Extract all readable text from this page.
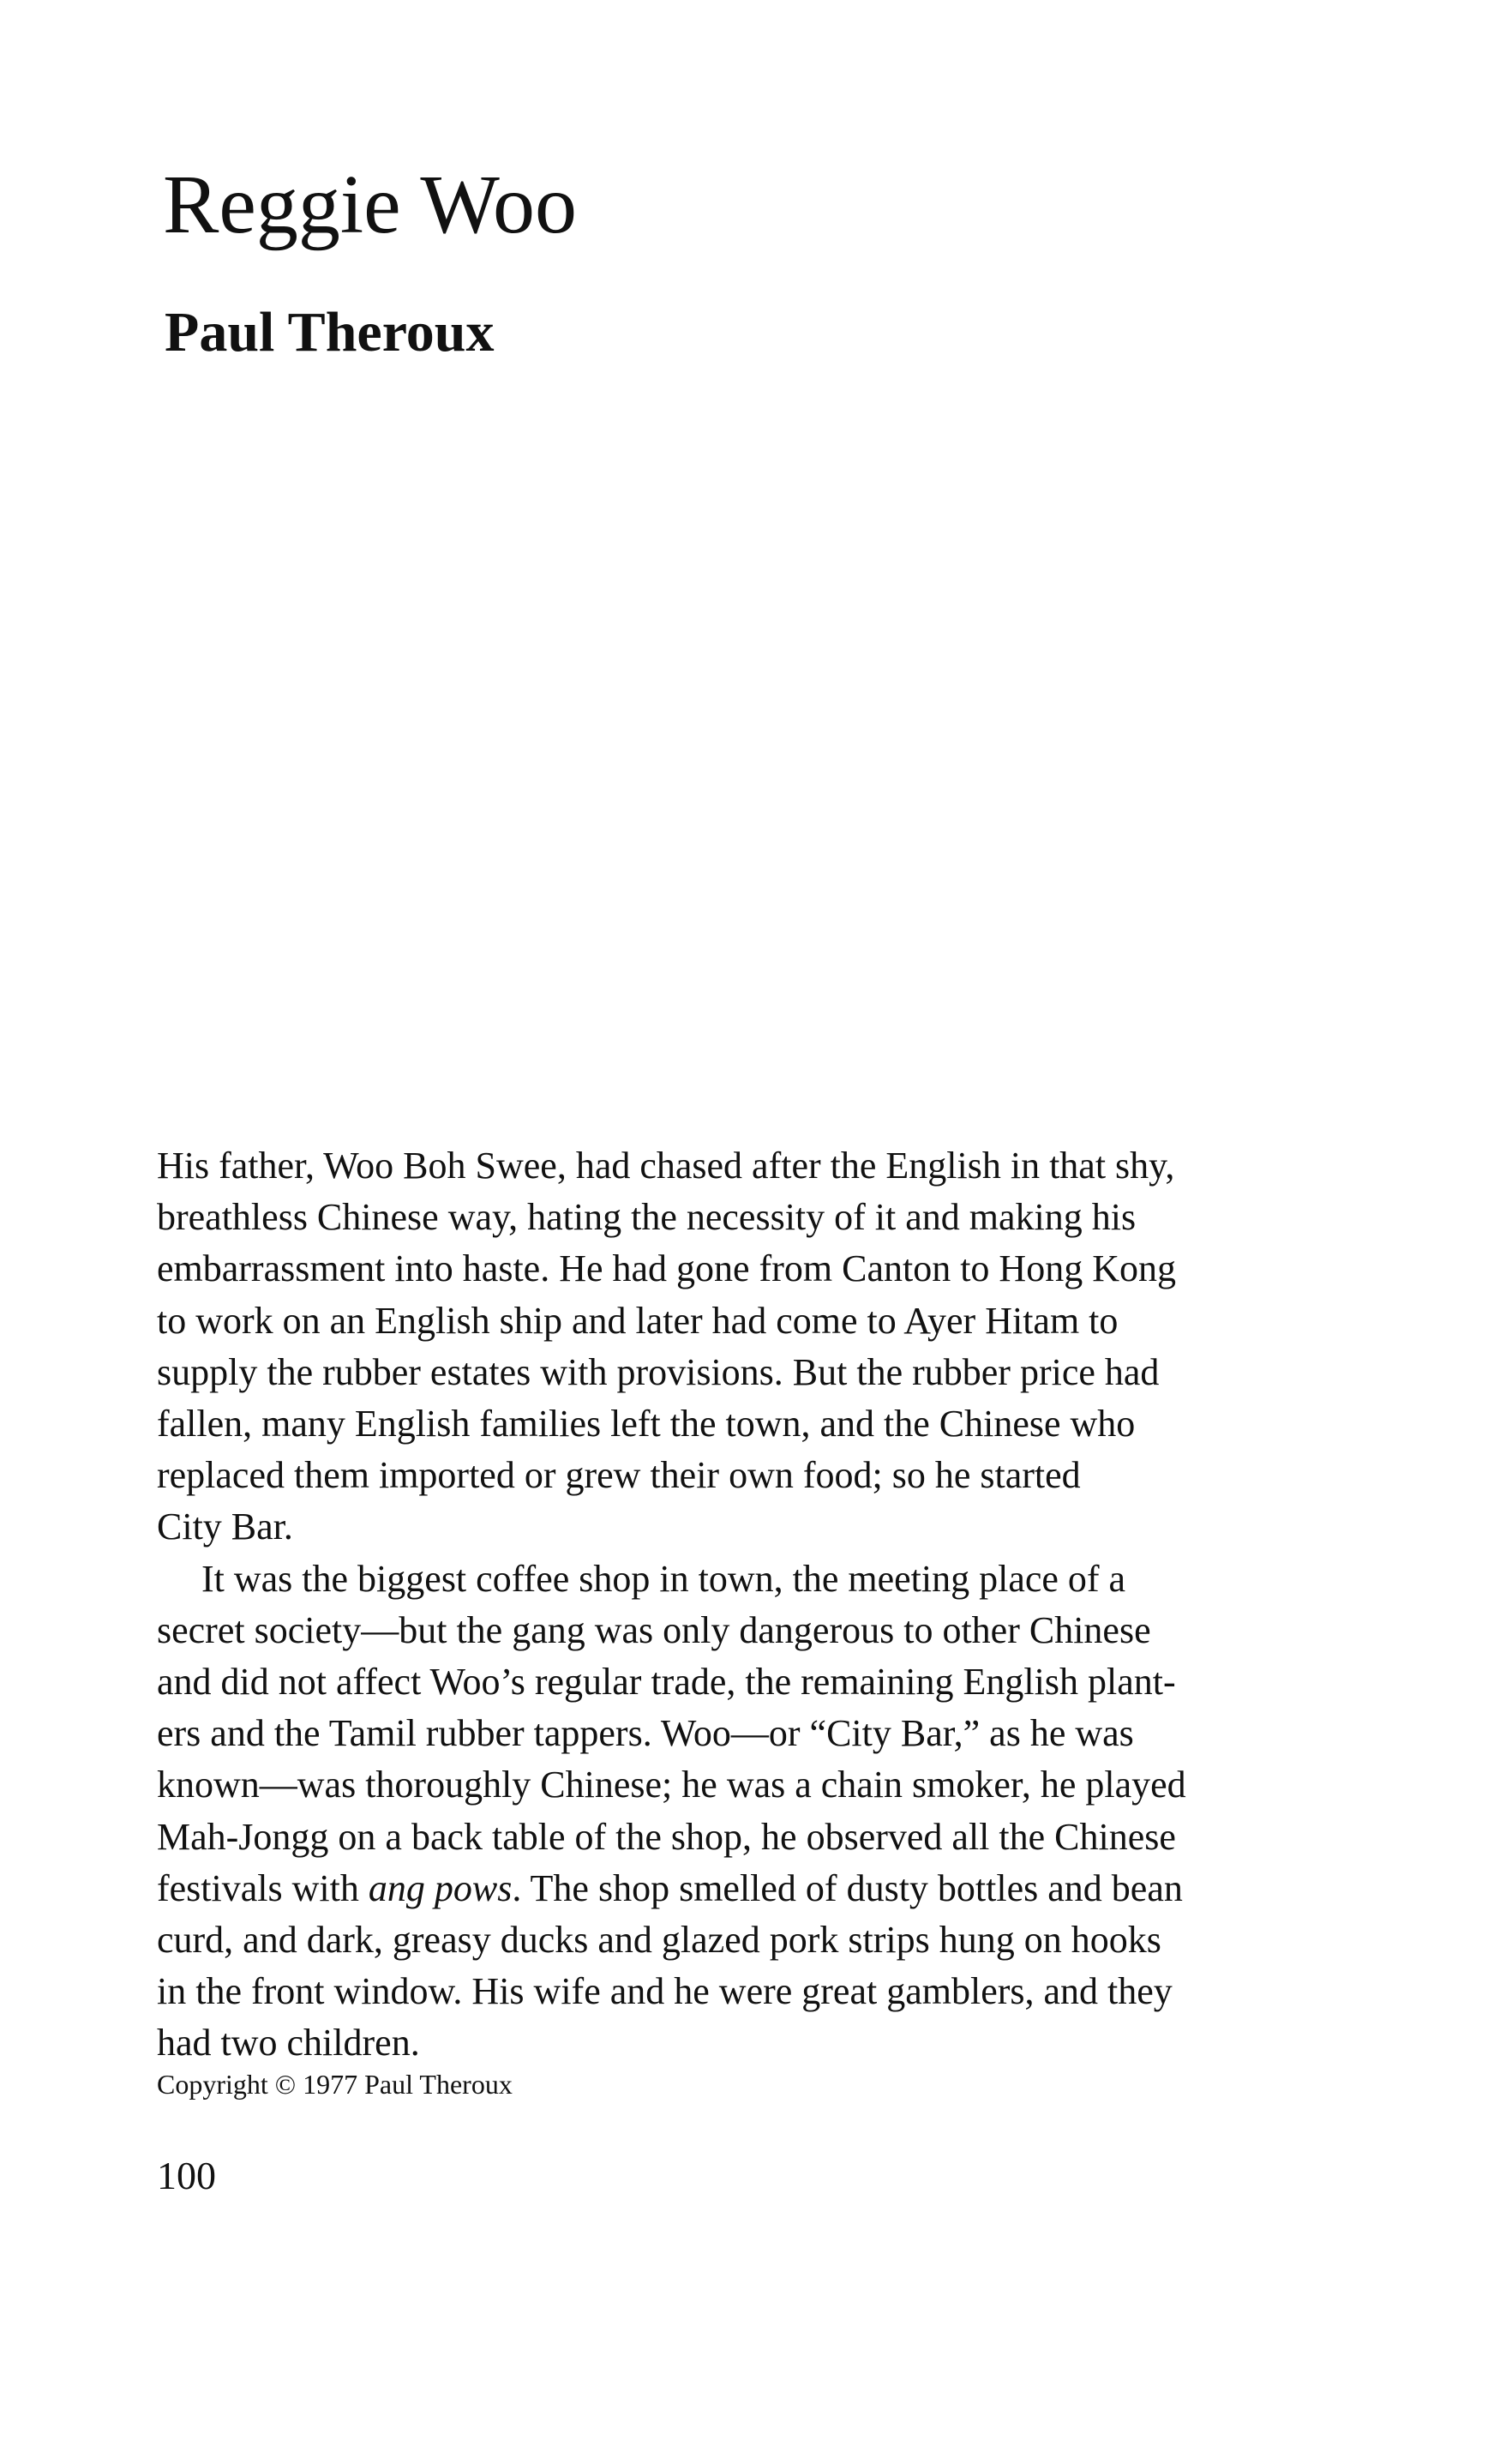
Reggie Woo
Paul Theroux
His father, Woo Boh Swee, had chased after the English in that shy,
breathless Chinese way, hating the necessity of it and making his
embarrassment into haste. He had gone from Canton to Hong Kong
to work on an English ship and later had come to Ayer Hitam to
supply the rubber estates with provisions. But the rubber price had
fallen, many English families left the town, and the Chinese who
replaced them imported or grew their own food; so he started
City Bar.
It was the biggest coffee shop in town, the meeting place of a
secret society—but the gang was only dangerous to other Chinese
and did not affect Woo’s regular trade, the remaining English plant-
ers and the Tamil rubber tappers. Woo—or “City Bar,” as he was
known—was thoroughly Chinese; he was a chain smoker, he played
Mah-Jongg on a back table of the shop, he observed all the Chinese
festivals with ang pows. The shop smelled of dusty bottles and bean
curd, and dark, greasy ducks and glazed pork strips hung on hooks
in the front window. His wife and he were great gamblers, and they
had two children.
Copyright © 1977 Paul Theroux
100
